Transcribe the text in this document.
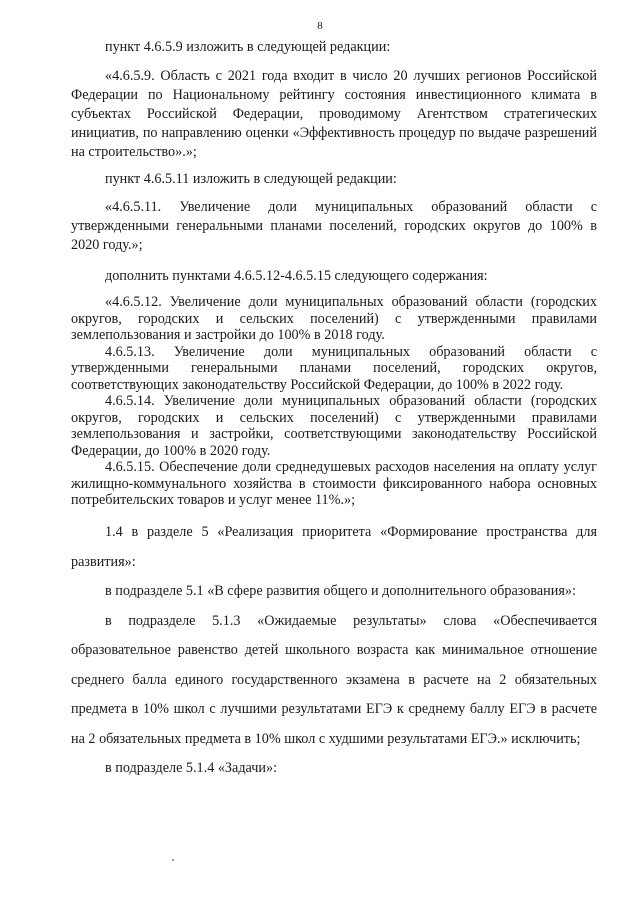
8
пункт 4.6.5.9 изложить в следующей редакции:
«4.6.5.9. Область с 2021 года входит в число 20 лучших регионов Российской Федерации по Национальному рейтингу состояния инвестиционного климата в субъектах Российской Федерации, проводимому Агентством стратегических инициатив, по направлению оценки «Эффективность процедур по выдаче разрешений на строительство».»;
пункт 4.6.5.11 изложить в следующей редакции:
«4.6.5.11. Увеличение доли муниципальных образований области с утвержденными генеральными планами поселений, городских округов до 100% в 2020 году.»;
дополнить пунктами 4.6.5.12-4.6.5.15 следующего содержания:

«4.6.5.12. Увеличение доли муниципальных образований области (городских округов, городских и сельских поселений) с утвержденными правилами землепользования и застройки до 100% в 2018 году.

4.6.5.13. Увеличение доли муниципальных образований области с утвержденными генеральными планами поселений, городских округов, соответствующих законодательству Российской Федерации, до 100% в 2022 году.

4.6.5.14. Увеличение доли муниципальных образований области (городских округов, городских и сельских поселений) с утвержденными правилами землепользования и застройки, соответствующими законодательству Российской Федерации, до 100% в 2020 году.

4.6.5.15. Обеспечение доли среднедушевых расходов населения на оплату услуг жилищно-коммунального хозяйства в стоимости фиксированного набора основных потребительских товаров и услуг менее 11%.»;

1.4 в разделе 5 «Реализация приоритета «Формирование пространства для развития»:

в подразделе 5.1 «В сфере развития общего и дополнительного образования»:

в подразделе 5.1.3 «Ожидаемые результаты» слова «Обеспечивается образовательное равенство детей школьного возраста как минимальное отношение среднего балла единого государственного экзамена в расчете на 2 обязательных предмета в 10% школ с лучшими результатами ЕГЭ к среднему баллу ЕГЭ в расчете на 2 обязательных предмета в 10% школ с худшими результатами ЕГЭ.» исключить;

в подразделе 5.1.4 «Задачи»:
